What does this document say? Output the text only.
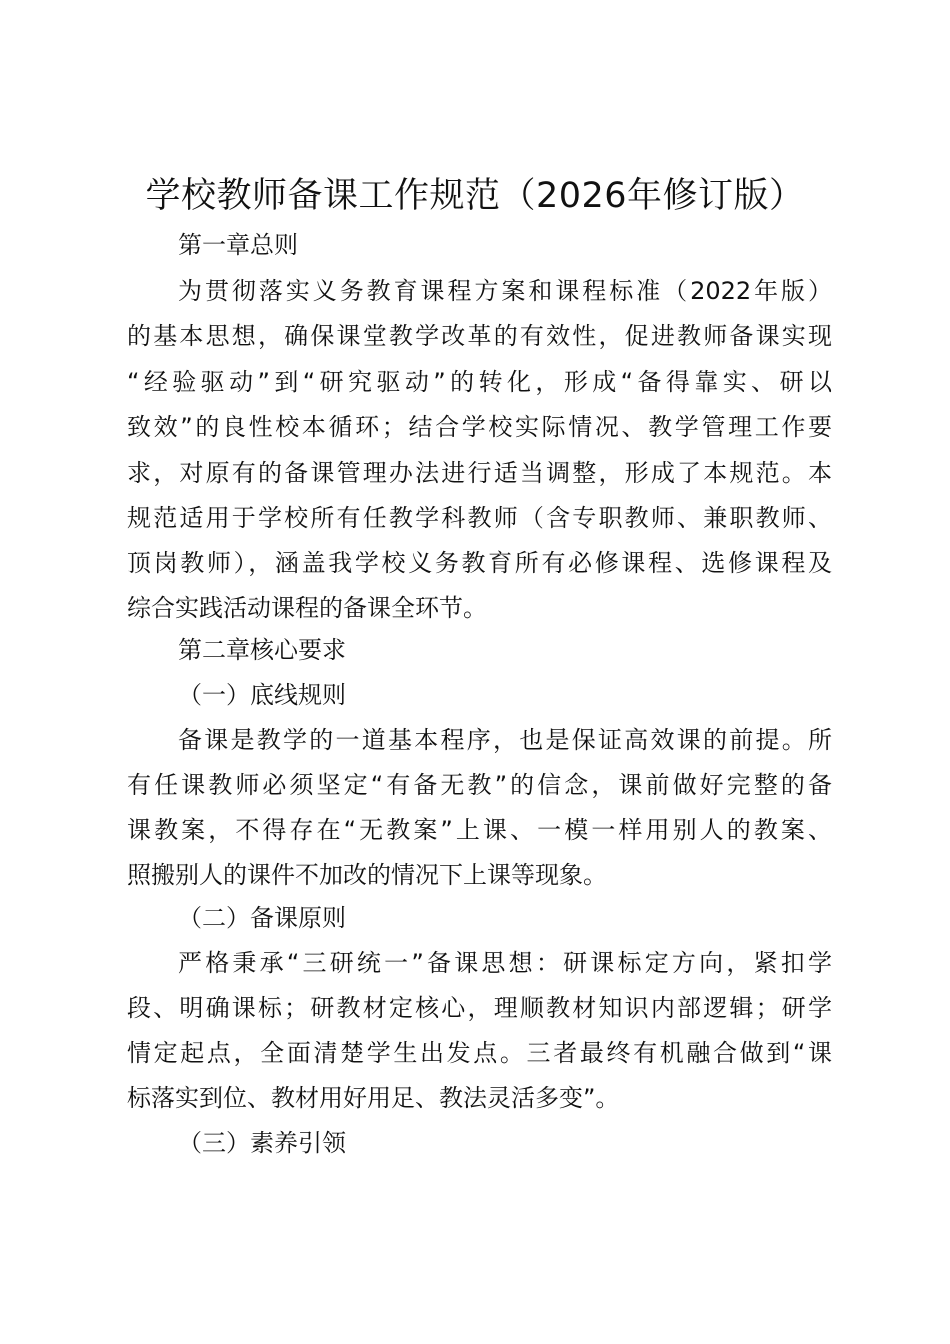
学校教师备课工作规范（2026年修订版）
第一章总则
为贯彻落实义务教育课程方案和课程标准（2022年版）
的基本思想，确保课堂教学改革的有效性，促进教师备课实现
“经验驱动”到“研究驱动”的转化，形成“备得靠实、研以
致效”的良性校本循环；结合学校实际情况、教学管理工作要
求，对原有的备课管理办法进行适当调整，形成了本规范。本
规范适用于学校所有任教学科教师（含专职教师、兼职教师、
顶岗教师），涵盖我学校义务教育所有必修课程、选修课程及
综合实践活动课程的备课全环节。
第二章核心要求
（一）底线规则
备课是教学的一道基本程序，也是保证高效课的前提。所
有任课教师必须坚定“有备无教”的信念，课前做好完整的备
课教案，不得存在“无教案”上课、一模一样用别人的教案、
照搬别人的课件不加改的情况下上课等现象。
（二）备课原则
严格秉承“三研统一”备课思想：研课标定方向，紧扣学
段、明确课标；研教材定核心，理顺教材知识内部逻辑；研学
情定起点，全面清楚学生出发点。三者最终有机融合做到“课
标落实到位、教材用好用足、教法灵活多变”。
（三）素养引领
